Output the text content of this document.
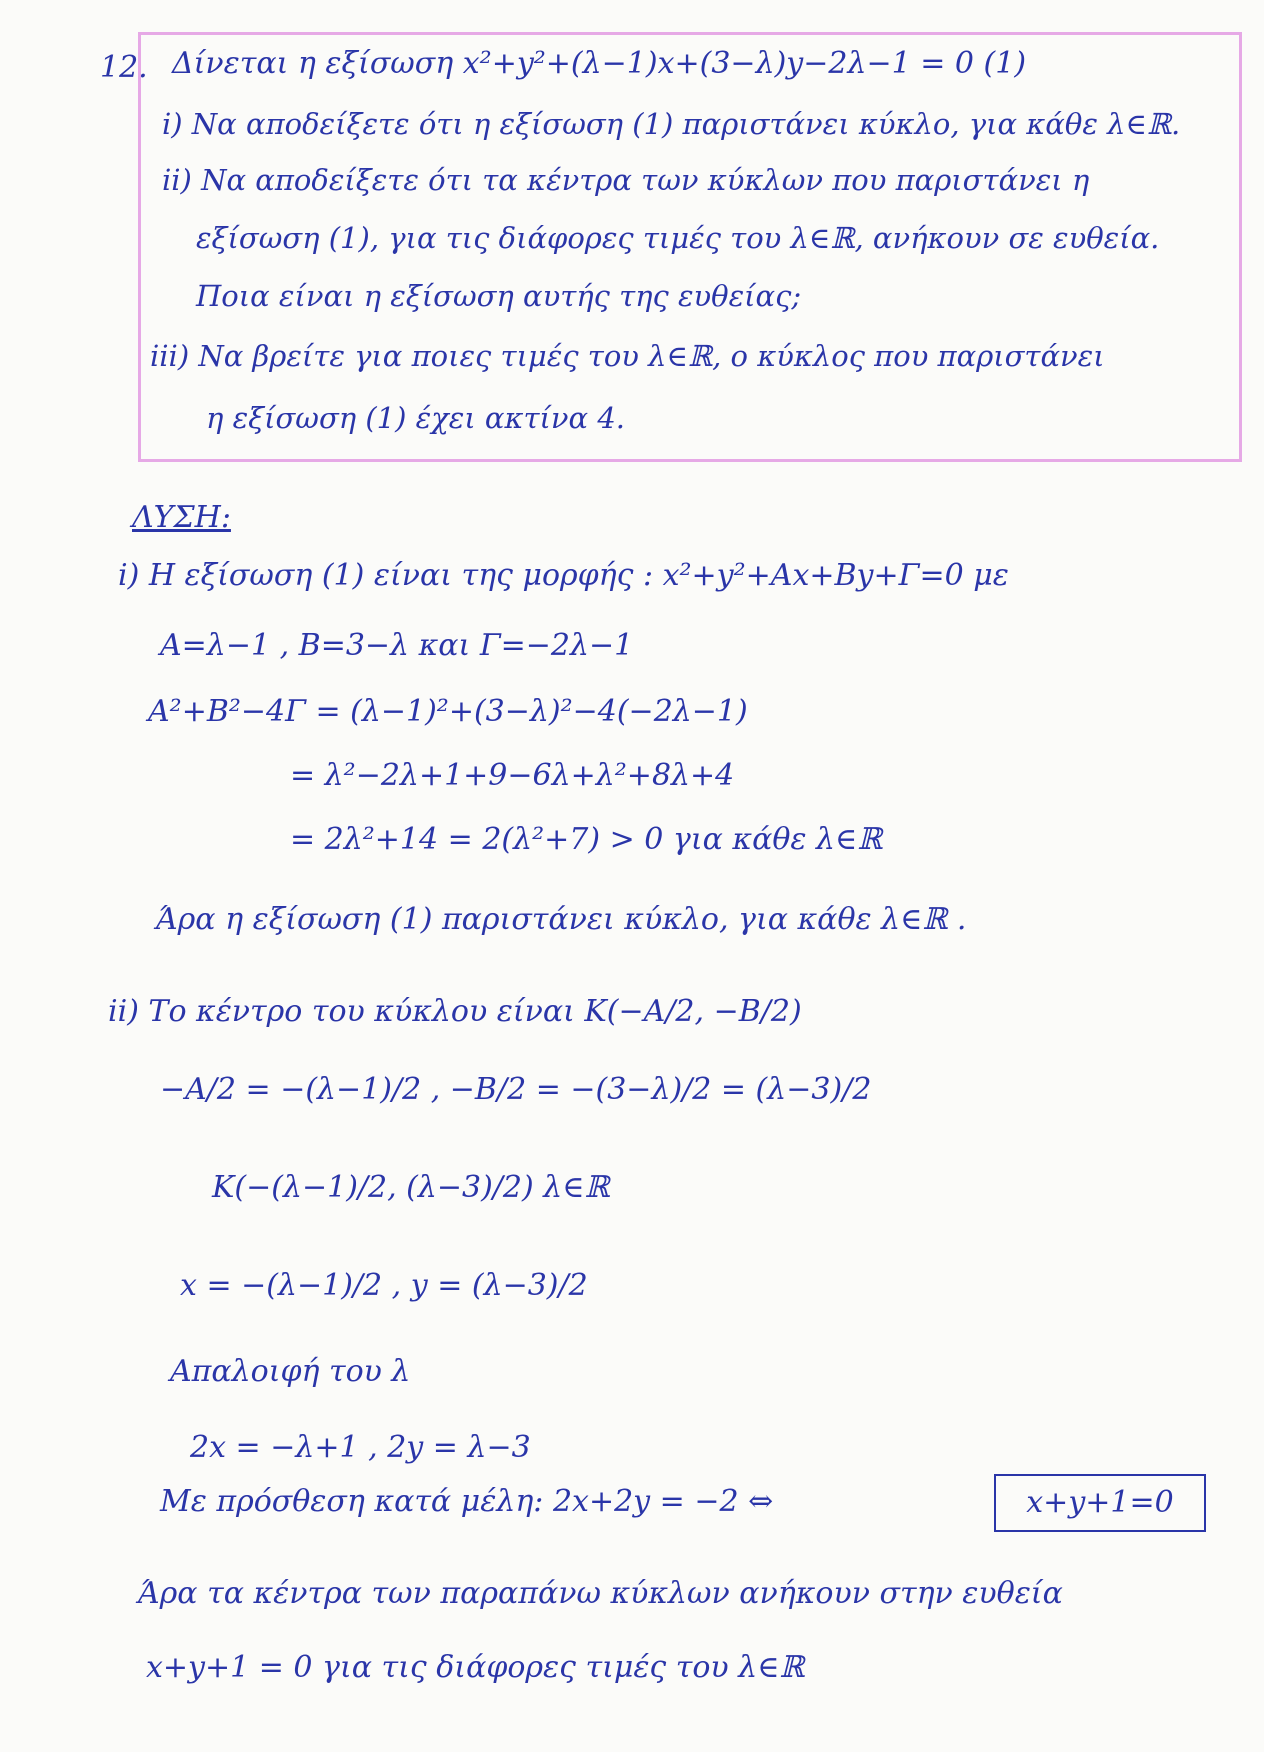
12. Δίνεται η εξίσωση x²+y²+(λ−1)x+(3−λ)y−2λ−1 = 0 (1)
i) Να αποδείξετε ότι η εξίσωση (1) παριστάνει κύκλο, για κάθε λ∈ℝ.
ii) Να αποδείξετε ότι τα κέντρα των κύκλων που παριστάνει η
εξίσωση (1), για τις διάφορες τιμές του λ∈ℝ, ανήκουν σε ευθεία.
Ποια είναι η εξίσωση αυτής της ευθείας;
iii) Να βρείτε για ποιες τιμές του λ∈ℝ, ο κύκλος που παριστάνει
η εξίσωση (1) έχει ακτίνα 4.
ΛΥΣΗ:
i) Η εξίσωση (1) είναι της μορφής : x²+y²+Ax+By+Γ=0 με
A=λ−1 , B=3−λ και Γ=−2λ−1
A²+B²−4Γ = (λ−1)²+(3−λ)²−4(−2λ−1)
= λ²−2λ+1+9−6λ+λ²+8λ+4
= 2λ²+14 = 2(λ²+7) > 0 για κάθε λ∈ℝ
Άρα η εξίσωση (1) παριστάνει κύκλο, για κάθε λ∈ℝ .
ii) Το κέντρο του κύκλου είναι K(−A/2, −B/2)
−A/2 = −(λ−1)/2 , −B/2 = −(3−λ)/2 = (λ−3)/2
K(−(λ−1)/2, (λ−3)/2) λ∈ℝ
x = −(λ−1)/2 , y = (λ−3)/2
Απαλοιφή του λ
2x = −λ+1 , 2y = λ−3
Με πρόσθεση κατά μέλη: 2x+2y = −2 ⇔	x+y+1=0
Άρα τα κέντρα των παραπάνω κύκλων ανήκουν στην ευθεία
x+y+1 = 0 για τις διάφορες τιμές του λ∈ℝ
